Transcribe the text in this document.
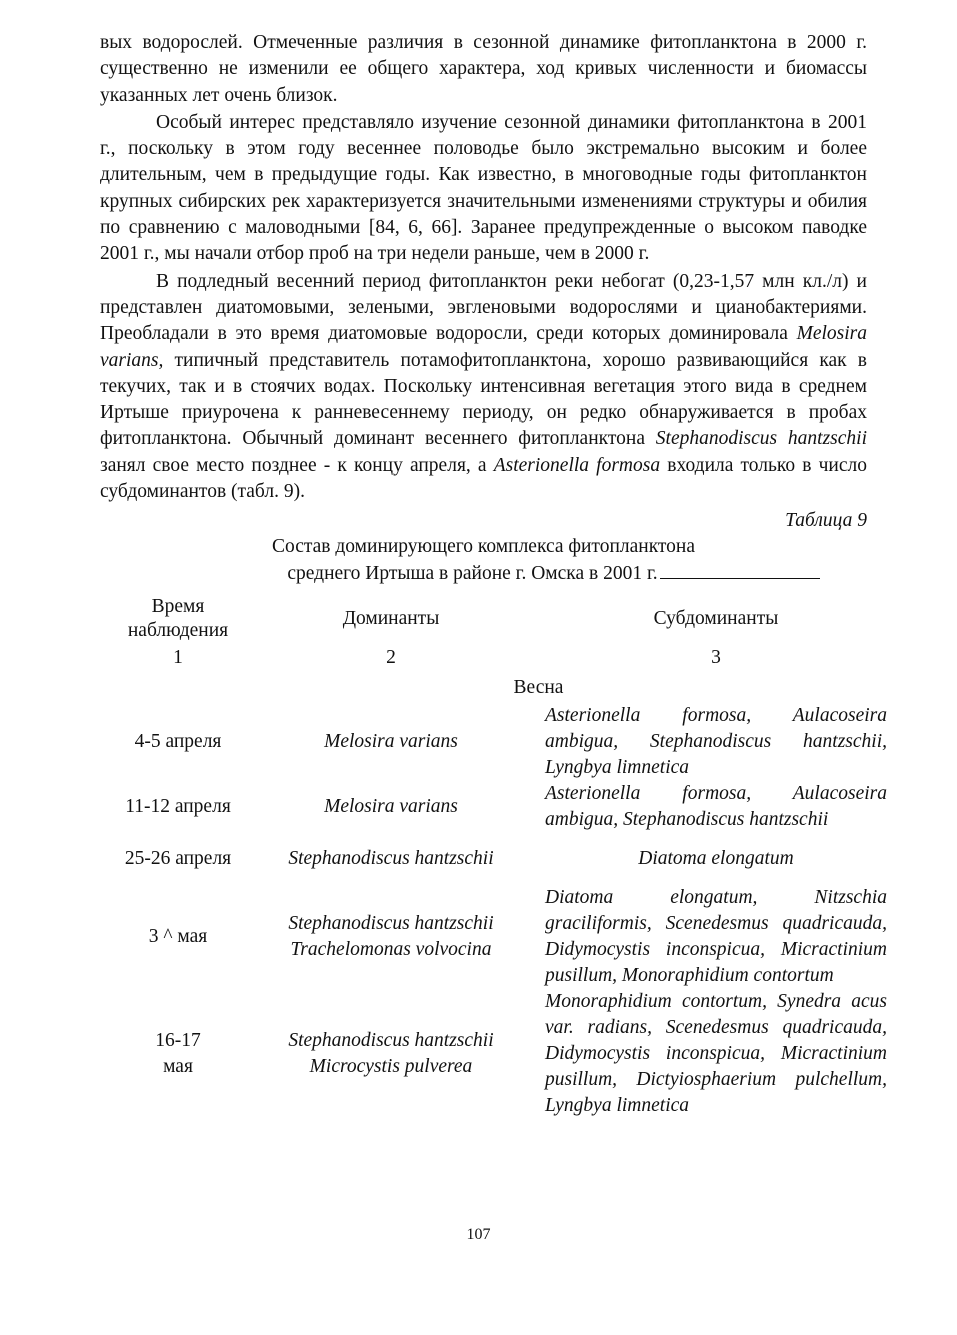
вых водорослей. Отмеченные различия в сезонной динамике фитопланктона в 2000 г. существенно не изменили ее общего характера, ход кривых численности и биомассы указанных лет очень близок.

Особый интерес представляло изучение сезонной динамики фитопланктона в 2001 г., поскольку в этом году весеннее половодье было экстремально высоким и более длительным, чем в предыдущие годы. Как известно, в многоводные годы фитопланктон крупных сибирских рек характеризуется значительными изменениями структуры и обилия по сравнению с маловодными [84, 6, 66]. Заранее предупрежденные о высоком паводке 2001 г., мы начали отбор проб на три недели раньше, чем в 2000 г.

В подледный весенний период фитопланктон реки небогат (0,23-1,57 млн кл./л) и представлен диатомовыми, зелеными, эвгленовыми водорослями и цианобактериями. Преобладали в это время диатомовые водоросли, среди которых доминировала Melosira varians, типичный представитель потамофитопланктона, хорошо развивающийся как в текучих, так и в стоячих водах. Поскольку интенсивная вегетация этого вида в среднем Иртыше приурочена к ранневесеннему периоду, он редко обнаруживается в пробах фитопланктона. Обычный доминант весеннего фитопланктона Stephanodiscus hantzschii занял свое место позднее - к концу апреля, а Asterionella formosa входила только в число субдоминантов (табл. 9).

Таблица 9
Состав доминирующего комплекса фитопланктона
среднего Иртыша в районе г. Омска в 2001 г.
Время наблюдения	Доминанты	Субдоминанты
1	2	3
Весна		
4-5 апреля	Melosira varians	Asterionella formosa, Aulacoseira ambigua, Stephanodiscus hantzschii, Lyngbya limnetica
11-12 апреля	Melosira varians	Asterionella formosa, Aulacoseira ambigua, Stephanodiscus hantzschii
25-26 апреля	Stephanodiscus hantzschii	Diatoma elongatum
3 ^ мая	Stephanodiscus hantzschii Trachelomonas volvocina	Diatoma elongatum, Nitzschia graciliformis, Scenedesmus quadricauda, Didymocystis inconspicua, Micractinium pusillum, Monoraphidium contortum
16-17 мая	Stephanodiscus hantzschii Microcystis pulverea	Monoraphidium contortum, Synedra acus var. radians, Scenedesmus quadricauda, Didymocystis inconspicua, Micractinium pusillum, Dictyiosphaerium pulchellum, Lyngbya limnetica
107
